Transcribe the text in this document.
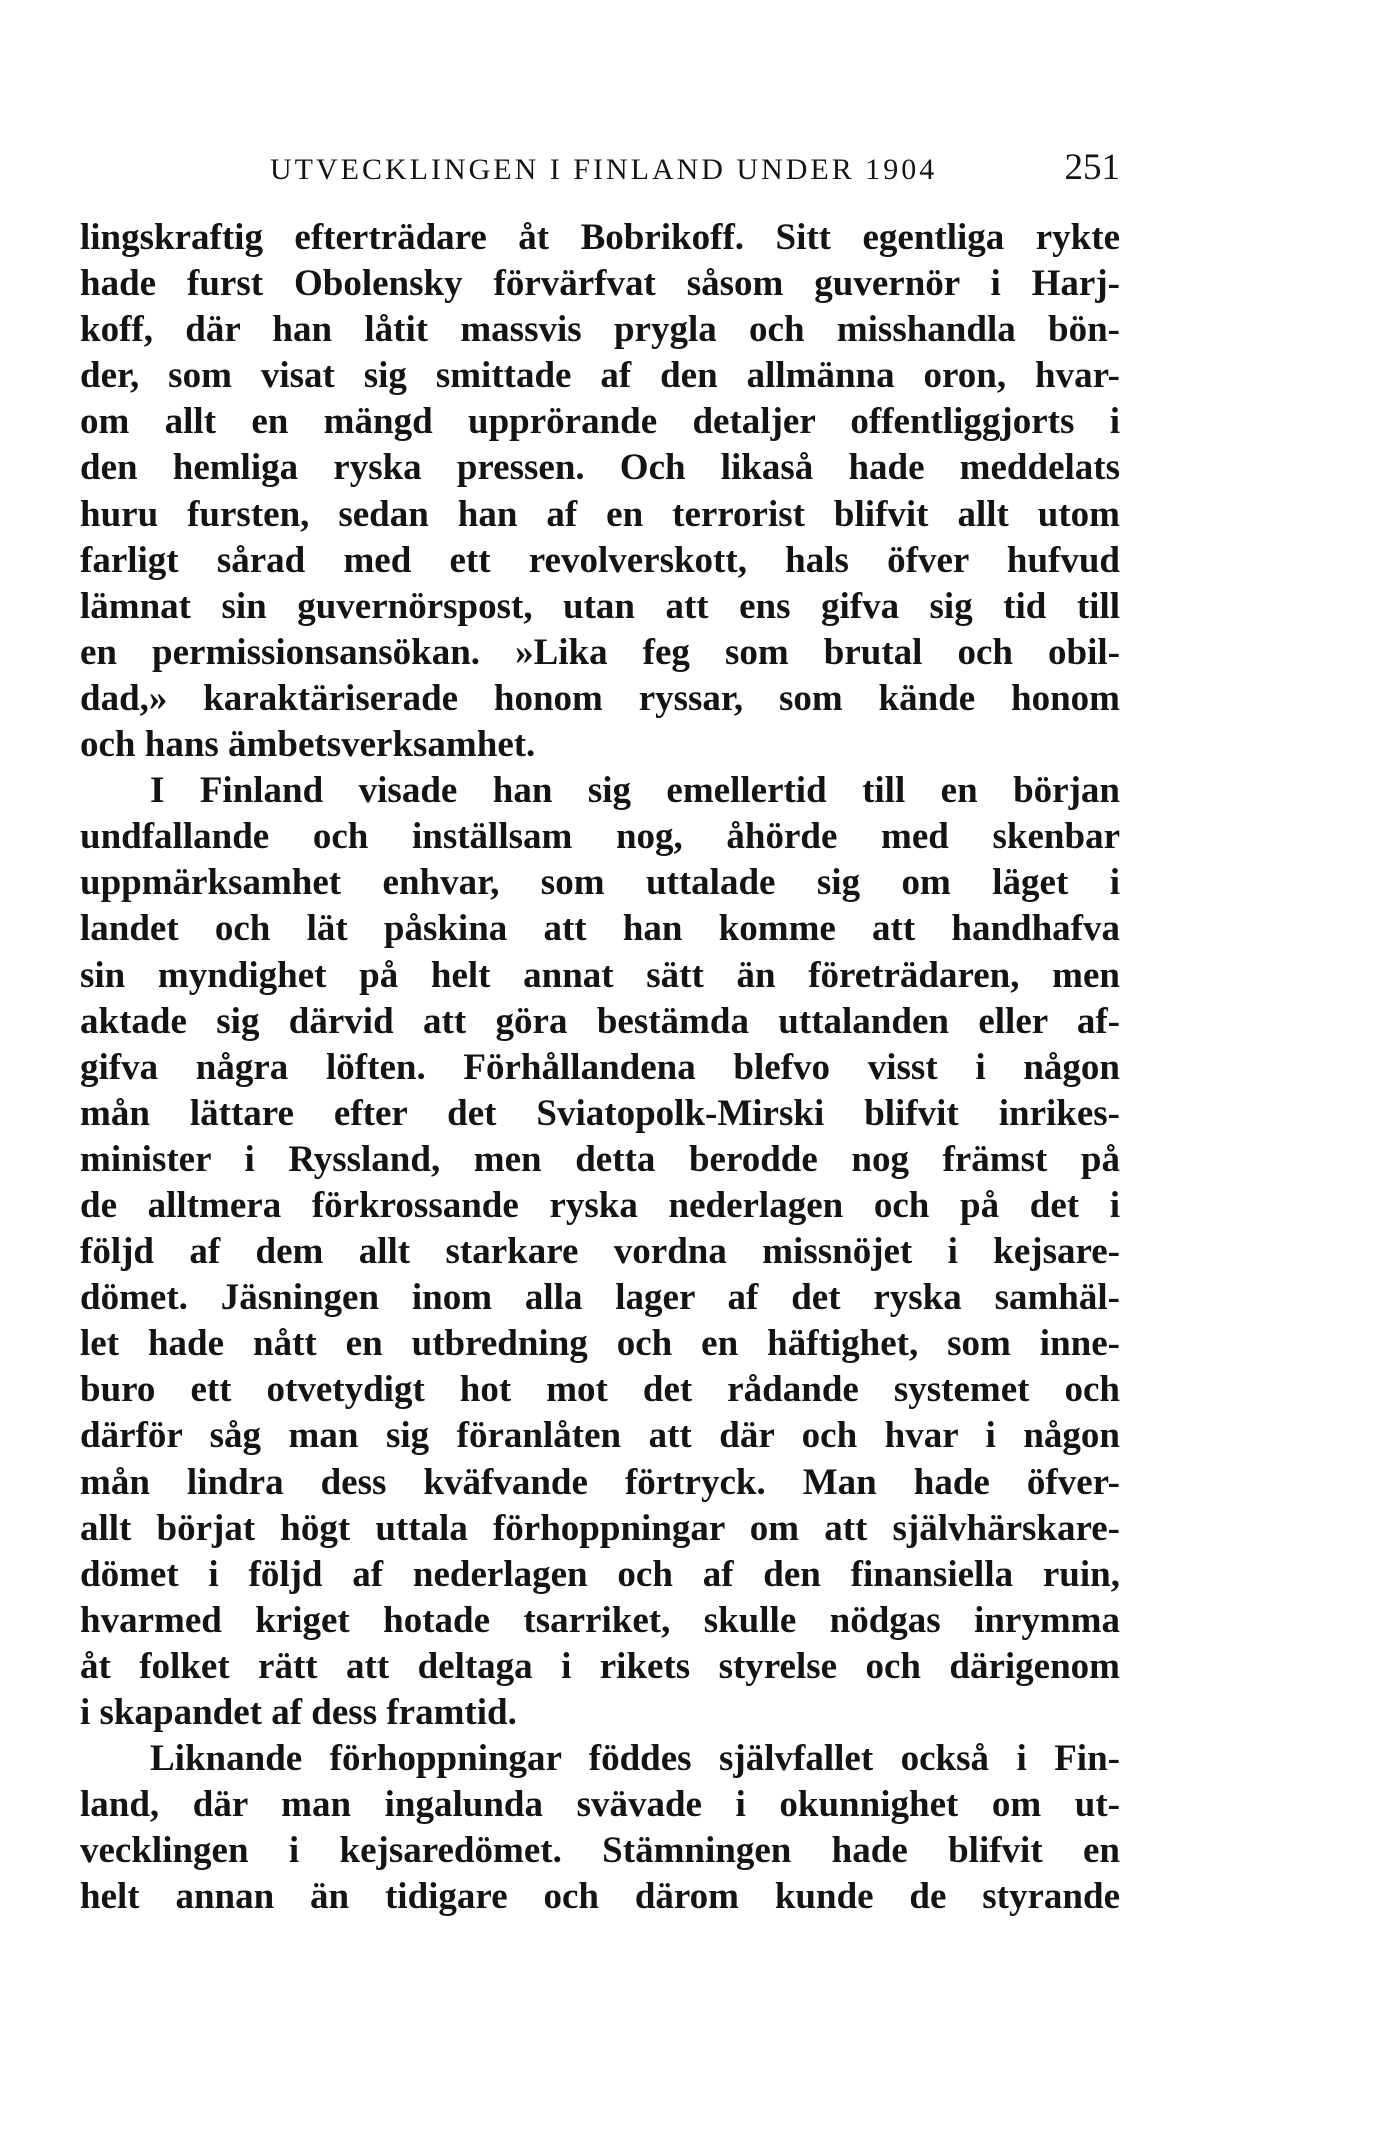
UTVECKLINGEN I FINLAND UNDER 1904	251
lingskraftig efterträdare åt Bobrikoff. Sitt egentliga rykte
hade furst Obolensky förvärfvat såsom guvernör i Harj-
koff, där han låtit massvis prygla och misshandla bön-
der, som visat sig smittade af den allmänna oron, hvar-
om allt en mängd upprörande detaljer offentliggjorts i
den hemliga ryska pressen. Och likaså hade meddelats
huru fursten, sedan han af en terrorist blifvit allt utom
farligt sårad med ett revolverskott, hals öfver hufvud
lämnat sin guvernörspost, utan att ens gifva sig tid till
en permissionsansökan. »Lika feg som brutal och obil-
dad,» karaktäriserade honom ryssar, som kände honom
och hans ämbetsverksamhet.
I Finland visade han sig emellertid till en början
undfallande och inställsam nog, åhörde med skenbar
uppmärksamhet enhvar, som uttalade sig om läget i
landet och lät påskina att han komme att handhafva
sin myndighet på helt annat sätt än företrädaren, men
aktade sig därvid att göra bestämda uttalanden eller af-
gifva några löften. Förhållandena blefvo visst i någon
mån lättare efter det Sviatopolk-Mirski blifvit inrikes-
minister i Ryssland, men detta berodde nog främst på
de alltmera förkrossande ryska nederlagen och på det i
följd af dem allt starkare vordna missnöjet i kejsare-
dömet. Jäsningen inom alla lager af det ryska samhäl-
let hade nått en utbredning och en häftighet, som inne-
buro ett otvetydigt hot mot det rådande systemet och
därför såg man sig föranlåten att där och hvar i någon
mån lindra dess kväfvande förtryck. Man hade öfver-
allt börjat högt uttala förhoppningar om att självhärskare-
dömet i följd af nederlagen och af den finansiella ruin,
hvarmed kriget hotade tsarriket, skulle nödgas inrymma
åt folket rätt att deltaga i rikets styrelse och därigenom
i skapandet af dess framtid.
Liknande förhoppningar föddes självfallet också i Fin-
land, där man ingalunda svävade i okunnighet om ut-
vecklingen i kejsaredömet. Stämningen hade blifvit en
helt annan än tidigare och därom kunde de styrande
